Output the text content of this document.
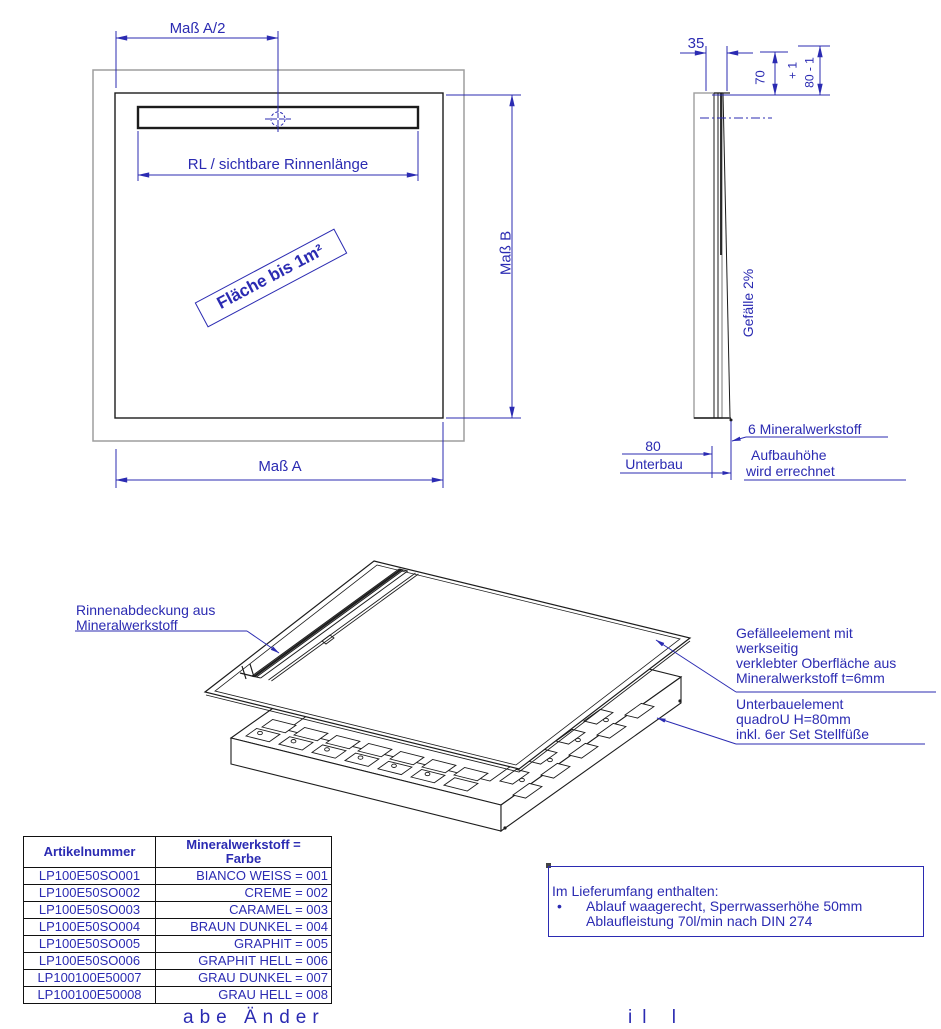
Maß A/2
RL / sichtbare Rinnenlänge
Fläche bis 1m²	Maß B
Maß A
35
70 + 1 80 - 1
Gefälle 2%
6 Mineralwerkstoff
80
Unterbau
Aufbauhöhe
wird errechnet
Rinnenabdeckung aus
Mineralwerkstoff	Gefälleelement mit
werkseitig
verklebter Oberfläche aus
Mineralwerkstoff t=6mm
Unterbauelement
quadroU H=80mm
inkl. 6er Set Stellfüße
Artikelnummer	Mineralwerkstoff =
Farbe

LP100E50SO001	BIANCO WEISS = 001
LP100E50SO002	CREME = 002
LP100E50SO003	CARAMEL = 003
LP100E50SO004	BRAUN DUNKEL = 004
LP100E50SO005	GRAPHIT = 005
LP100E50SO006	GRAPHIT HELL = 006
LP100100E50007	GRAU DUNKEL = 007
LP100100E50008	GRAU HELL = 008
Im Lieferumfang enthalten:
• Ablauf waagerecht, Sperrwasserhöhe 50mm
Ablaufleistung 70l/min nach DIN 274
abe Änder	il l
